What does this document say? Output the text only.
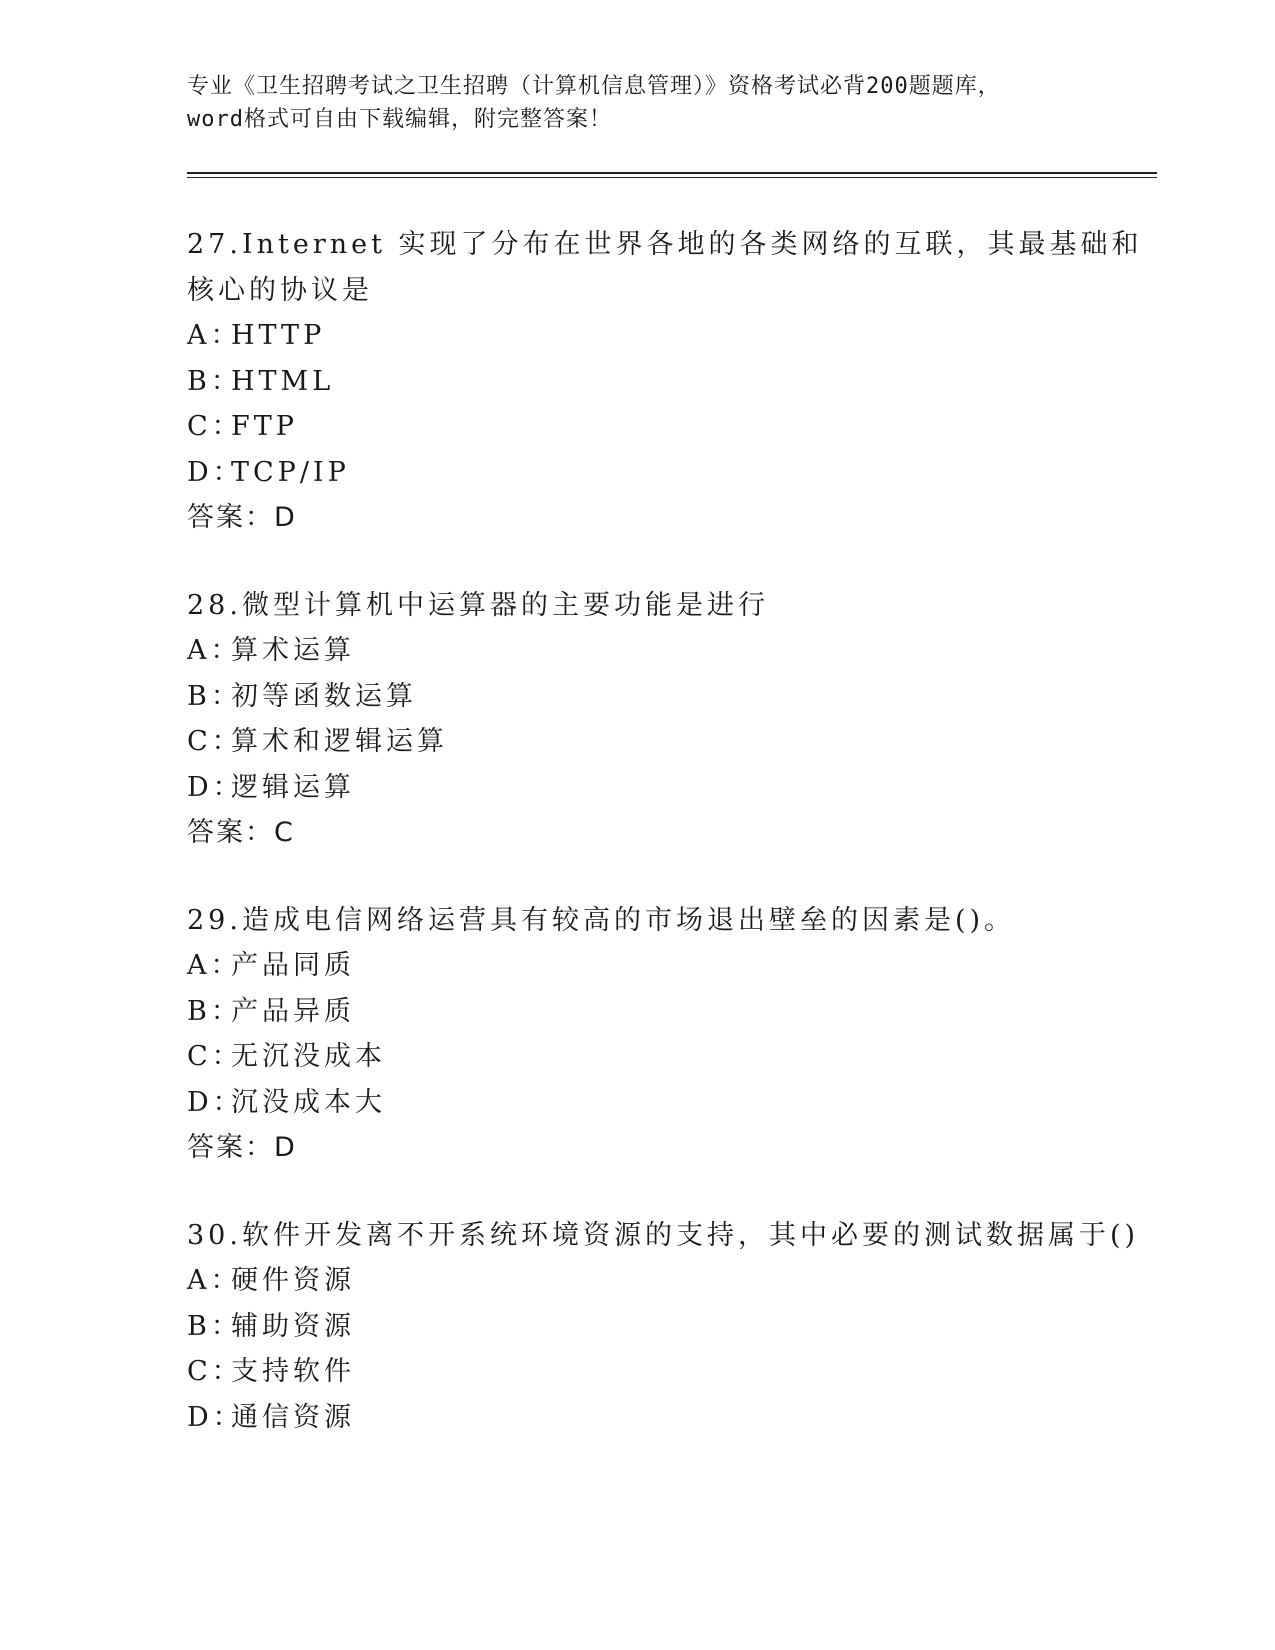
专业《卫生招聘考试之卫生招聘（计算机信息管理）》资格考试必背200题题库，
word格式可自由下载编辑，附完整答案！
27.Internet 实现了分布在世界各地的各类网络的互联，其最基础和核心的协议是
A：HTTP
B：HTML
C：FTP
D：TCP/IP
答案：D
28.微型计算机中运算器的主要功能是进行
A：算术运算
B：初等函数运算
C：算术和逻辑运算
D：逻辑运算
答案：C
29.造成电信网络运营具有较高的市场退出壁垒的因素是()。
A：产品同质
B：产品异质
C：无沉没成本
D：沉没成本大
答案：D
30.软件开发离不开系统环境资源的支持，其中必要的测试数据属于()
A：硬件资源
B：辅助资源
C：支持软件
D：通信资源
